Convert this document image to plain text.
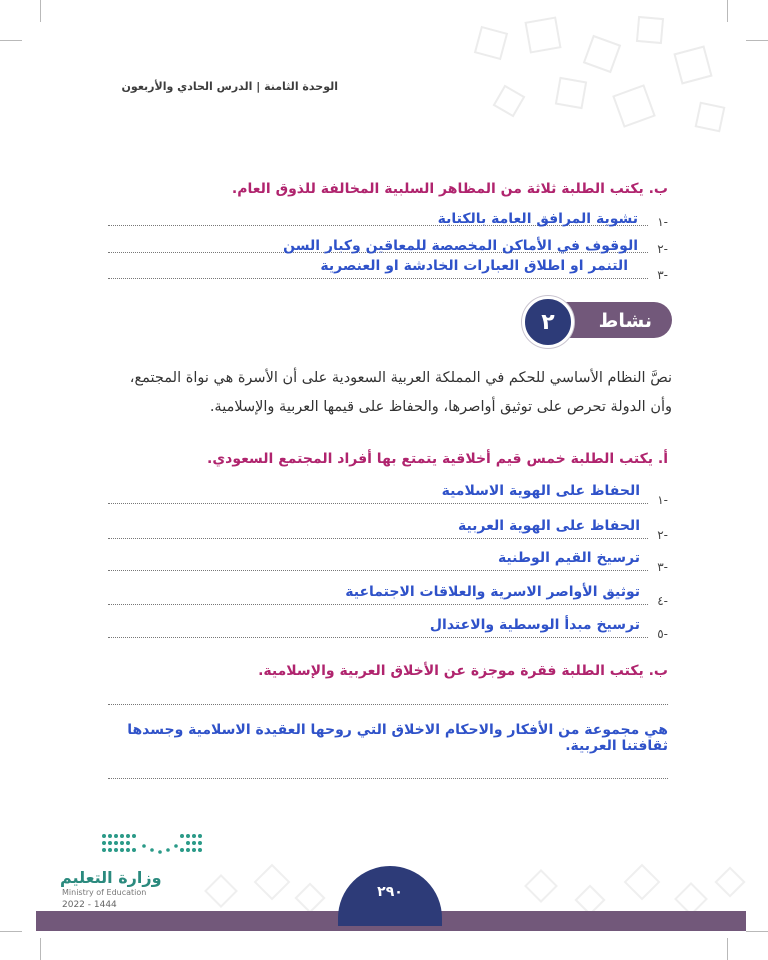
الوحدة الثامنة | الدرس الحادي والأربعون
ب. يكتب الطلبة ثلاثة من المظاهر السلبية المخالفة للذوق العام.
-١
تشوية المرافق العامة بالكتابة
-٢
الوقوف في الأماكن المخصصة للمعاقين وكبار السن
-٣
التنمر او اطلاق العبارات الخادشة او العنصرية
نشاط
٢
نصَّ النظام الأساسي للحكم في المملكة العربية السعودية على أن الأسرة هي نواة المجتمع،
وأن الدولة تحرص على توثيق أواصرها، والحفاظ على قيمها العربية والإسلامية.
أ. يكتب الطلبة خمس قيم أخلاقية يتمتع بها أفراد المجتمع السعودي.
-١
الحفاظ على الهوية الاسلامية
-٢
الحفاظ على الهوية العربية
-٣
ترسيخ القيم الوطنية
-٤
توثيق الأواصر الاسرية والعلاقات الاجتماعية
-٥
ترسيخ مبدأ الوسطية والاعتدال
ب. يكتب الطلبة فقرة موجزة عن الأخلاق العربية والإسلامية.
هي مجموعة من الأفكار والاحكام الاخلاق التي روحها العقيدة الاسلامية وجسدها ثقافتنا العربية.
وزارة التعليم
Ministry of Education
2022 - 1444
٢٩٠
